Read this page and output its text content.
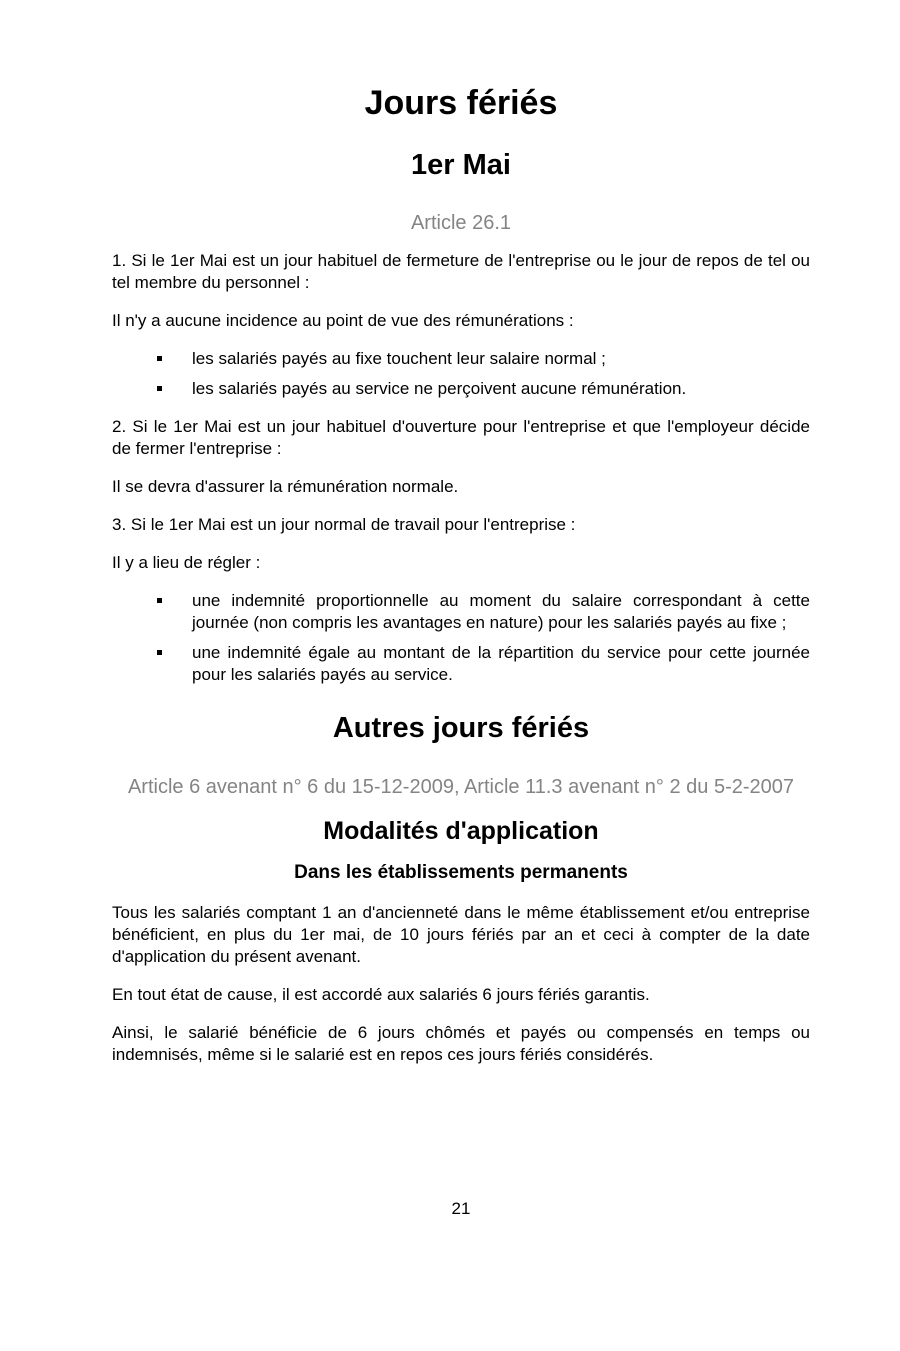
Jours fériés
1er Mai

Article 26.1

1. Si le 1er Mai est un jour habituel de fermeture de l'entreprise ou le jour de repos de tel ou tel membre du personnel :

Il n'y a aucune incidence au point de vue des rémunérations :

les salariés payés au fixe touchent leur salaire normal ;
les salariés payés au service ne perçoivent aucune rémunération.

2. Si le 1er Mai est un jour habituel d'ouverture pour l'entreprise et que l'employeur décide de fermer l'entreprise :

Il se devra d'assurer la rémunération normale.

3. Si le 1er Mai est un jour normal de travail pour l'entreprise :

Il y a lieu de régler :

une indemnité proportionnelle au moment du salaire correspondant à cette journée (non compris les avantages en nature) pour les salariés payés au fixe ;
une indemnité égale au montant de la répartition du service pour cette journée pour les salariés payés au service.
Autres jours fériés

Article 6 avenant n° 6 du 15-12-2009, Article 11.3 avenant n° 2 du 5-2-2007

Modalités d'application
Dans les établissements permanents

Tous les salariés comptant 1 an d'ancienneté dans le même établissement et/ou entreprise bénéficient, en plus du 1er mai, de 10 jours fériés par an et ceci à compter de la date d'application du présent avenant.

En tout état de cause, il est accordé aux salariés 6 jours fériés garantis.

Ainsi, le salarié bénéficie de 6 jours chômés et payés ou compensés en temps ou indemnisés, même si le salarié est en repos ces jours fériés considérés.

21
